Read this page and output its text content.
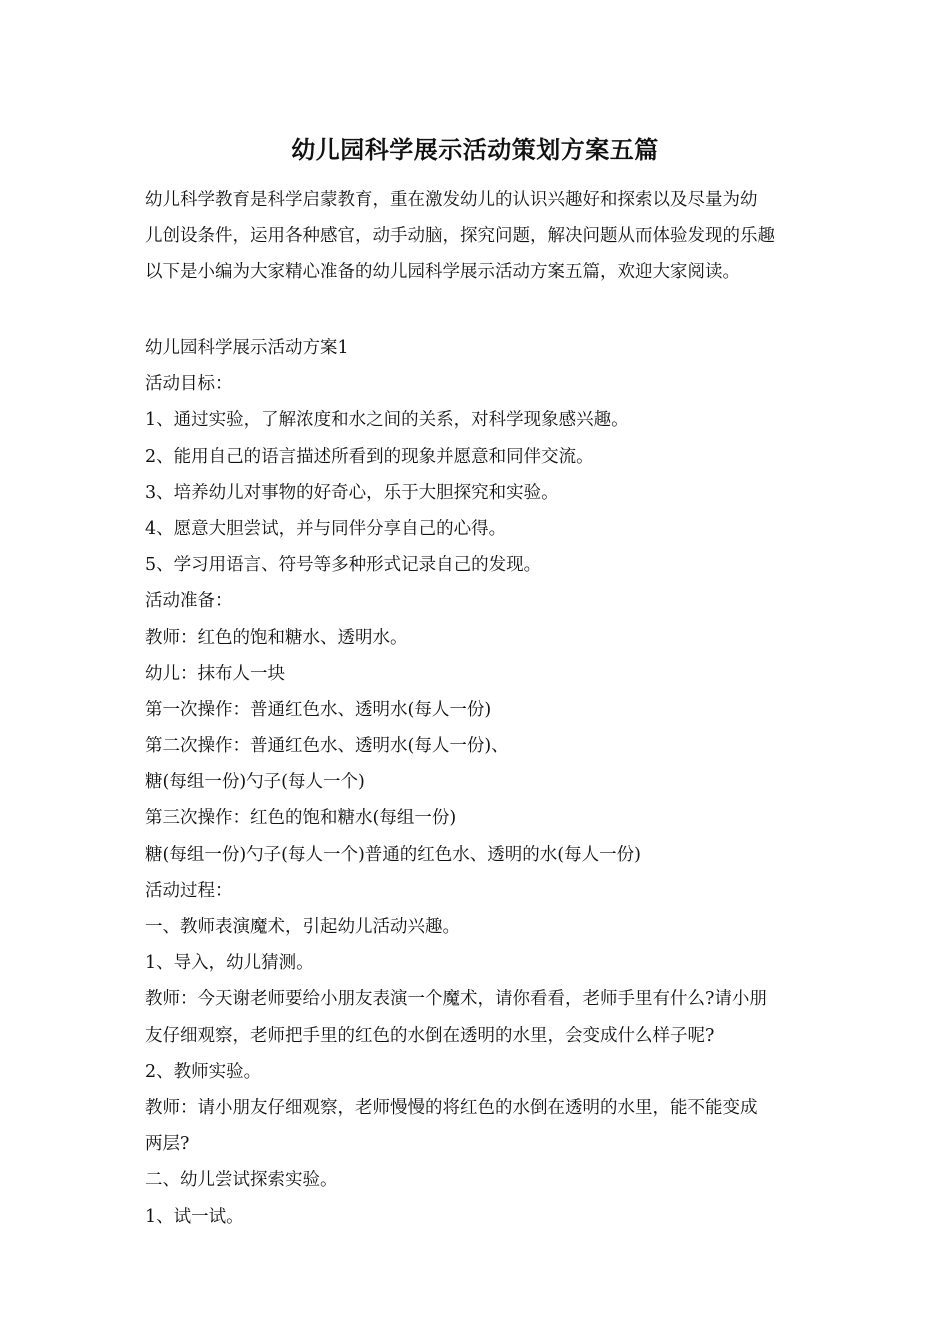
幼儿园科学展示活动策划方案五篇

幼儿科学教育是科学启蒙教育，重在激发幼儿的认识兴趣好和探索以及尽量为幼
儿创设条件，运用各种感官，动手动脑，探究问题，解决问题从而体验发现的乐趣
以下是小编为大家精心准备的幼儿园科学展示活动方案五篇，欢迎大家阅读。

幼儿园科学展示活动方案1
活动目标：
1、通过实验，了解浓度和水之间的关系，对科学现象感兴趣。
2、能用自己的语言描述所看到的现象并愿意和同伴交流。
3、培养幼儿对事物的好奇心，乐于大胆探究和实验。
4、愿意大胆尝试，并与同伴分享自己的心得。
5、学习用语言、符号等多种形式记录自己的发现。
活动准备：
教师：红色的饱和糖水、透明水。
幼儿：抹布人一块
第一次操作：普通红色水、透明水(每人一份)
第二次操作：普通红色水、透明水(每人一份)、
糖(每组一份)勺子(每人一个)
第三次操作：红色的饱和糖水(每组一份)
糖(每组一份)勺子(每人一个)普通的红色水、透明的水(每人一份)
活动过程：
一、教师表演魔术，引起幼儿活动兴趣。
1、导入，幼儿猜测。
教师：今天谢老师要给小朋友表演一个魔术，请你看看，老师手里有什么?请小朋
友仔细观察，老师把手里的红色的水倒在透明的水里，会变成什么样子呢?
2、教师实验。
教师：请小朋友仔细观察，老师慢慢的将红色的水倒在透明的水里，能不能变成
两层?
二、幼儿尝试探索实验。
1、试一试。
